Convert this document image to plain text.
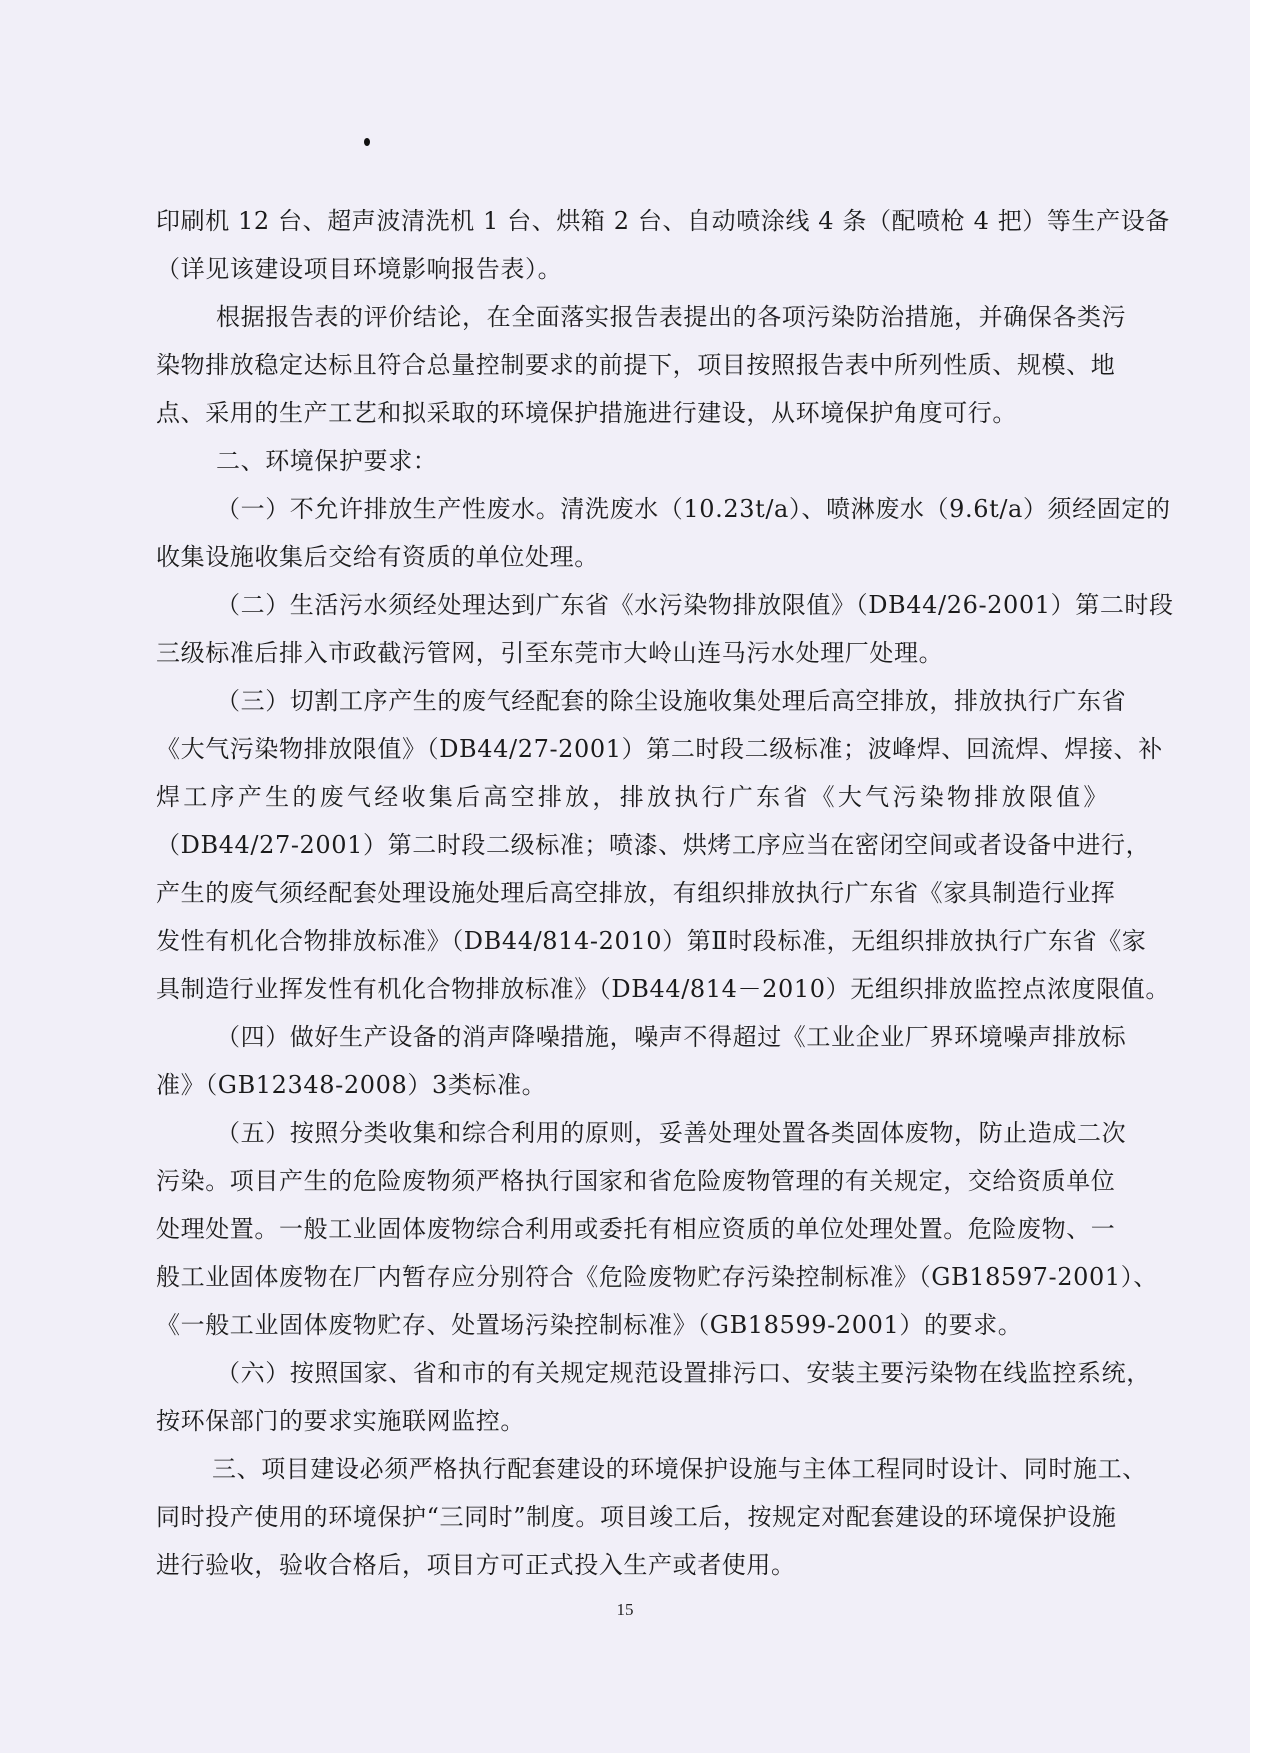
印刷机 12 台、超声波清洗机 1 台、烘箱 2 台、自动喷涂线 4 条（配喷枪 4 把）等生产设备
（详见该建设项目环境影响报告表）。
根据报告表的评价结论，在全面落实报告表提出的各项污染防治措施，并确保各类污
染物排放稳定达标且符合总量控制要求的前提下，项目按照报告表中所列性质、规模、地
点、采用的生产工艺和拟采取的环境保护措施进行建设，从环境保护角度可行。
二、环境保护要求：
（一）不允许排放生产性废水。清洗废水（10.23t/a）、喷淋废水（9.6t/a）须经固定的
收集设施收集后交给有资质的单位处理。
（二）生活污水须经处理达到广东省《水污染物排放限值》（DB44/26-2001）第二时段
三级标准后排入市政截污管网，引至东莞市大岭山连马污水处理厂处理。
（三）切割工序产生的废气经配套的除尘设施收集处理后高空排放，排放执行广东省
《大气污染物排放限值》（DB44/27-2001）第二时段二级标准；波峰焊、回流焊、焊接、补
焊工序产生的废气经收集后高空排放，排放执行广东省《大气污染物排放限值》
（DB44/27-2001）第二时段二级标准；喷漆、烘烤工序应当在密闭空间或者设备中进行，
产生的废气须经配套处理设施处理后高空排放，有组织排放执行广东省《家具制造行业挥
发性有机化合物排放标准》（DB44/814-2010）第Ⅱ时段标准，无组织排放执行广东省《家
具制造行业挥发性有机化合物排放标准》（DB44/814－2010）无组织排放监控点浓度限值。
（四）做好生产设备的消声降噪措施，噪声不得超过《工业企业厂界环境噪声排放标
准》（GB12348-2008）3类标准。
（五）按照分类收集和综合利用的原则，妥善处理处置各类固体废物，防止造成二次
污染。项目产生的危险废物须严格执行国家和省危险废物管理的有关规定，交给资质单位
处理处置。一般工业固体废物综合利用或委托有相应资质的单位处理处置。危险废物、一
般工业固体废物在厂内暂存应分别符合《危险废物贮存污染控制标准》（GB18597-2001）、
《一般工业固体废物贮存、处置场污染控制标准》（GB18599-2001）的要求。
（六）按照国家、省和市的有关规定规范设置排污口、安装主要污染物在线监控系统，
按环保部门的要求实施联网监控。
三、项目建设必须严格执行配套建设的环境保护设施与主体工程同时设计、同时施工、
同时投产使用的环境保护“三同时”制度。项目竣工后，按规定对配套建设的环境保护设施
进行验收，验收合格后，项目方可正式投入生产或者使用。
15
